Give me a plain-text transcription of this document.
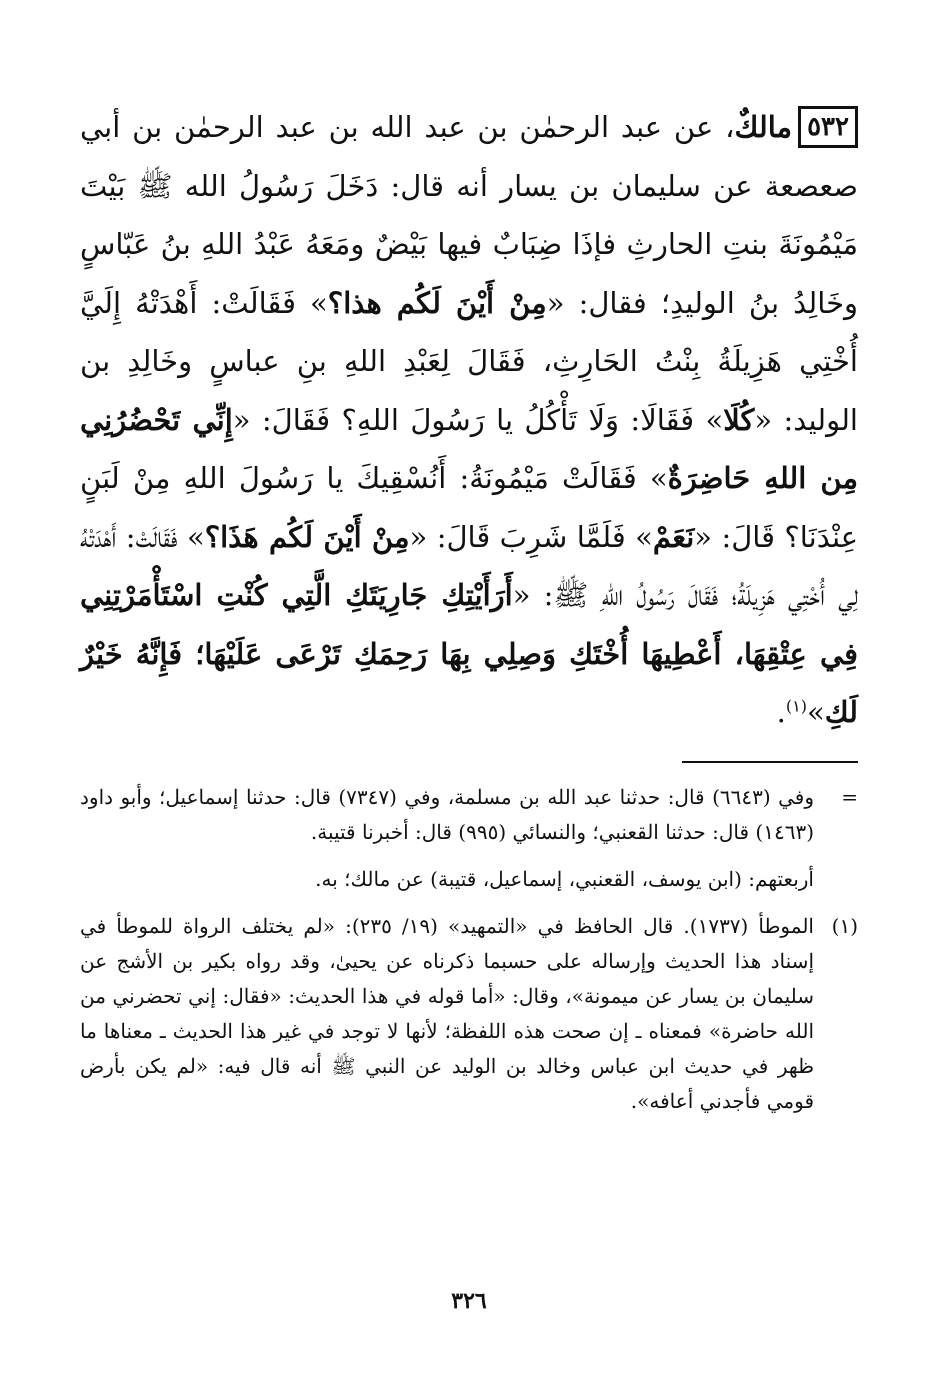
٥٣٢مالكٌ، عن عبد الرحمٰن بن عبد الله بن عبد الرحمٰن بن أبي صعصعة عن سليمان بن يسار أنه قال: دَخَلَ رَسُولُ الله ﷺ بَيْتَ مَيْمُونَةَ بنتِ الحارثِ فإذَا ضِبَابٌ فيها بَيْضٌ ومَعَهُ عَبْدُ اللهِ بنُ عَبّاسٍ وخَالِدُ بنُ الوليدِ؛ فقال: «مِنْ أَيْنَ لَكُم هذا؟» فَقَالَتْ: أَهْدَتْهُ إِلَيَّ أُخْتِي هَزِيلَةُ بِنْتُ الحَارِثِ، فَقَالَ لِعَبْدِ اللهِ بنِ عباسٍ وخَالِدِ بن الوليد: «كُلَا» فَقَالَا: وَلَا تَأْكُلُ يا رَسُولَ اللهِ؟ فَقَالَ: «إِنِّي تَحْضُرُنِي مِن اللهِ حَاضِرَةٌ» فَقَالَتْ مَيْمُونَةُ: أَنُسْقِيكَ يا رَسُولَ اللهِ مِنْ لَبَنٍ عِنْدَنَا؟ قَالَ: «نَعَمْ» فَلَمَّا شَرِبَ قَالَ: «مِنْ أَيْنَ لَكُم هَذَا؟» فَقَالَتْ: أَهْدَتْهُ لِي أُخْتِي هَزِيلَةُ؛ فَقَالَ رَسُولُ اللهِ ﷺ: «أَرَأَيْتِكِ جَارِيَتَكِ الَّتِي كُنْتِ اسْتَأْمَرْتِنِي فِي عِتْقِهَا، أَعْطِيهَا أُخْتَكِ وَصِلِي بِهَا رَحِمَكِ تَرْعَى عَلَيْهَا؛ فَإِنَّهُ خَيْرٌ لَكِ»$^{(١)}$.

=
وفي (٦٦٤٣) قال: حدثنا عبد الله بن مسلمة، وفي (٧٣٤٧) قال: حدثنا إسماعيل؛ وأبو داود (١٤٦٣) قال: حدثنا القعنبي؛ والنسائي (٩٩٥) قال: أخبرنا قتيبة.
أربعتهم: (ابن يوسف، القعنبي، إسماعيل، قتيبة) عن مالك؛ به.
(١)
الموطأ (١٧٣٧). قال الحافظ في «التمهيد» (١٩/ ٢٣٥): «لم يختلف الرواة للموطأ في إسناد هذا الحديث وإرساله على حسبما ذكرناه عن يحيىٰ، وقد رواه بكير بن الأشج عن سليمان بن يسار عن ميمونة»، وقال: «أما قوله في هذا الحديث: «فقال: إني تحضرني من الله حاضرة» فمعناه ـ إن صحت هذه اللفظة؛ لأنها لا توجد في غير هذا الحديث ـ معناها ما ظهر في حديث ابن عباس وخالد بن الوليد عن النبي ﷺ أنه قال فيه: «لم يكن بأرض قومي فأجدني أعافه».
٣٢٦
